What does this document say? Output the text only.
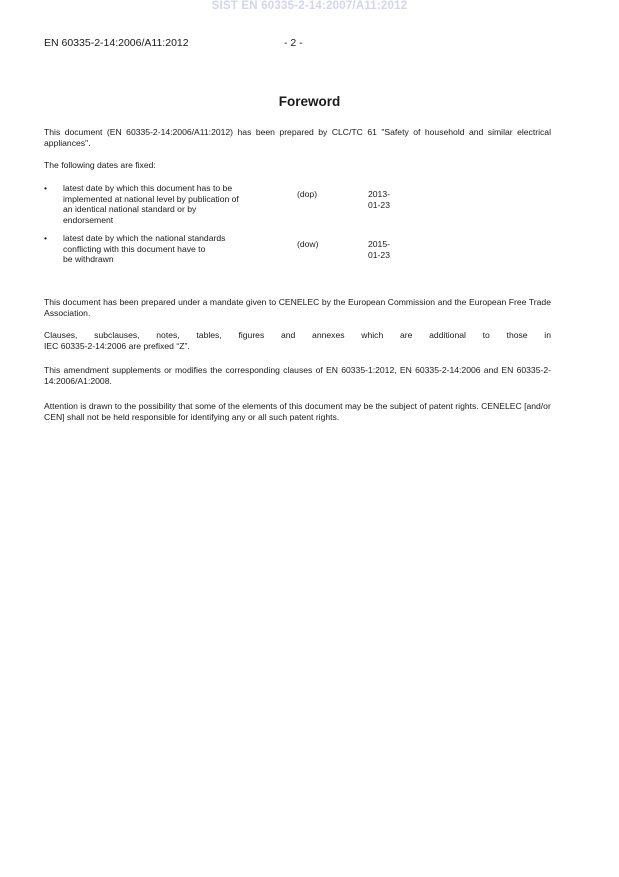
SIST EN 60335-2-14:2007/A11:2012
EN 60335-2-14:2006/A11:2012	- 2 -
Foreword
This document (EN 60335-2-14:2006/A11:2012) has been prepared by CLC/TC 61 "Safety of household and similar electrical appliances".
The following dates are fixed:
•	latest date by which this document has to be
implemented at national level by publication of
an identical national standard or by
endorsement
(dop)	2013-01-23
•	latest date by which the national standards
conflicting with this document have to
be withdrawn
(dow)	2015-01-23
This document has been prepared under a mandate given to CENELEC by the European Commission and the European Free Trade Association.
Clauses, subclauses, notes, tables, figures and annexes which are additional to those in
IEC 60335-2-14:2006 are prefixed “Z”.
This amendment supplements or modifies the corresponding clauses of EN 60335-1:2012, EN 60335-2-14:2006 and EN 60335-2-14:2006/A1:2008.
Attention is drawn to the possibility that some of the elements of this document may be the subject of patent rights. CENELEC [and/or CEN] shall not be held responsible for identifying any or all such patent rights.
